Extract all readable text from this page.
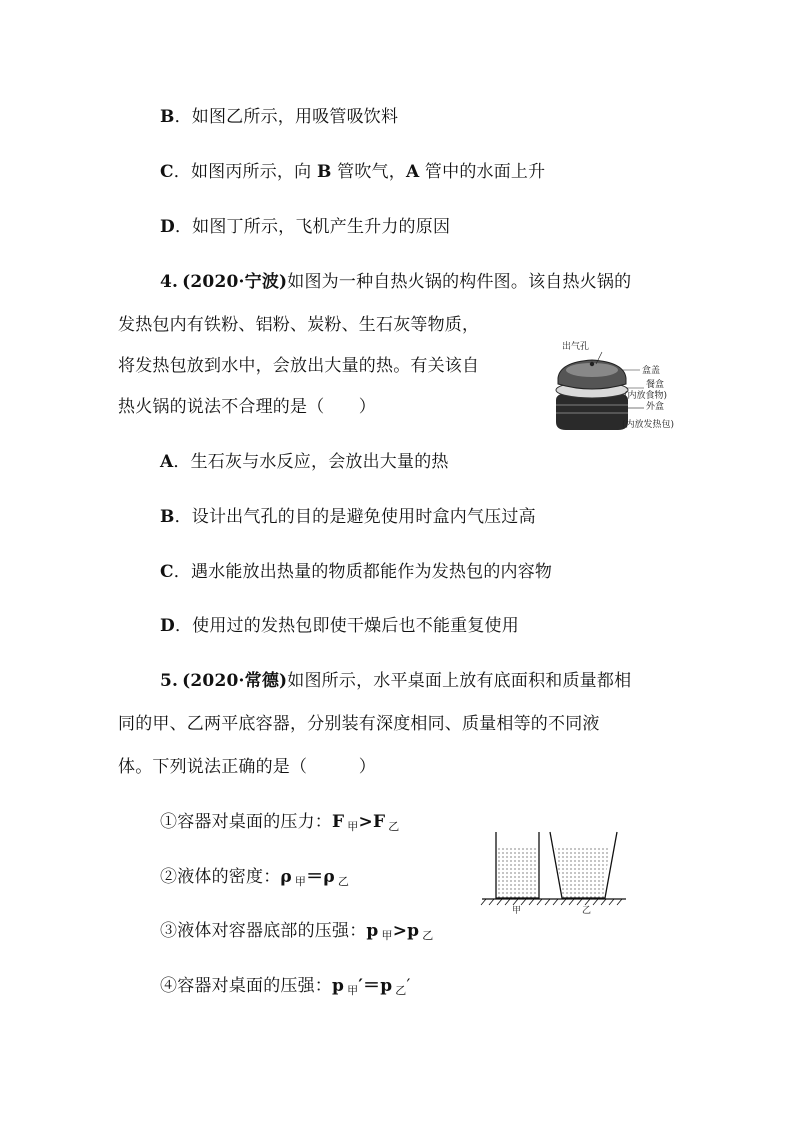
B．如图乙所示，用吸管吸饮料
C．如图丙所示，向 B 管吹气，A 管中的水面上升
D．如图丁所示，飞机产生升力的原因
4. (2020·宁波)如图为一种自热火锅的构件图。该自热火锅的
发热包内有铁粉、铝粉、炭粉、生石灰等物质，
将发热包放到水中，会放出大量的热。有关该自
热火锅的说法不合理的是（　　）
出气孔
盒盖
餐盒
(内放食物)
外盒
(内放发热包)
A．生石灰与水反应，会放出大量的热
B．设计出气孔的目的是避免使用时盒内气压过高
C．遇水能放出热量的物质都能作为发热包的内容物
D．使用过的发热包即使干燥后也不能重复使用
5. (2020·常德)如图所示，水平桌面上放有底面积和质量都相
同的甲、乙两平底容器，分别装有深度相同、质量相等的不同液
体。下列说法正确的是（　　　）
①容器对桌面的压力：F $_甲$>F $_乙$
②液体的密度：ρ $_甲$＝ρ $_乙$
③液体对容器底部的压强：p $_甲$>p $_乙$
④容器对桌面的压强：p $_甲$′＝p $_乙$′
甲	乙
